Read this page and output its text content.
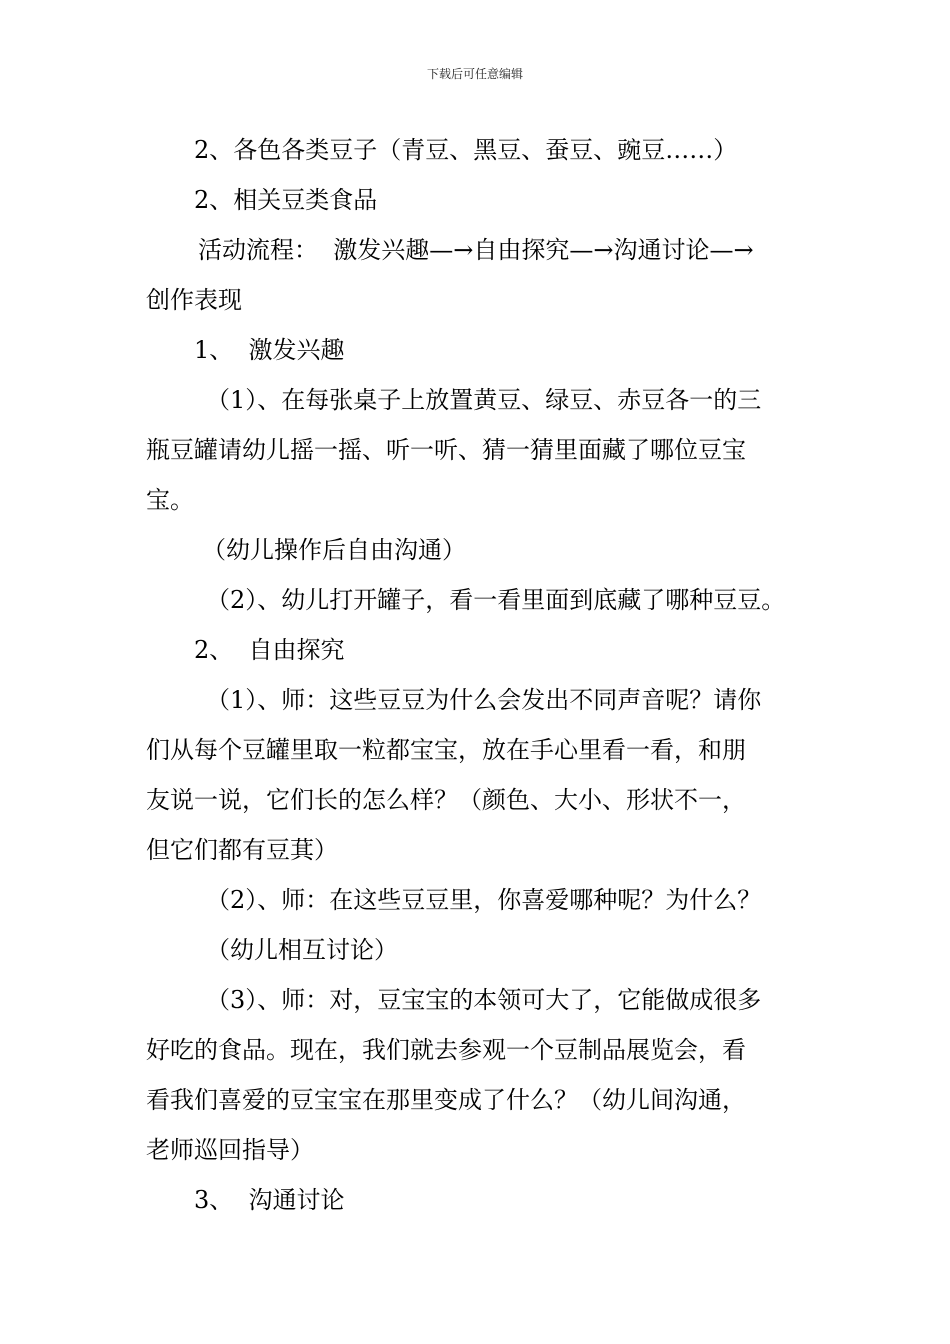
下载后可任意编辑

2、各色各类豆子（青豆、黑豆、蚕豆、豌豆……）

2、相关豆类食品

活动流程：  激发兴趣—→自由探究—→沟通讨论—→

创作表现

1、  激发兴趣

（1）、在每张桌子上放置黄豆、绿豆、赤豆各一的三

瓶豆罐请幼儿摇一摇、听一听、猜一猜里面藏了哪位豆宝

宝。

（幼儿操作后自由沟通）

（2）、幼儿打开罐子，看一看里面到底藏了哪种豆豆。

2、  自由探究

（1）、师：这些豆豆为什么会发出不同声音呢？请你

们从每个豆罐里取一粒都宝宝，放在手心里看一看，和朋

友说一说，它们长的怎么样？（颜色、大小、形状不一，

但它们都有豆萁）

（2）、师：在这些豆豆里，你喜爱哪种呢？为什么？

（幼儿相互讨论）

（3）、师：对，豆宝宝的本领可大了，它能做成很多

好吃的食品。现在，我们就去参观一个豆制品展览会，看

看我们喜爱的豆宝宝在那里变成了什么？（幼儿间沟通，

老师巡回指导）

3、  沟通讨论
